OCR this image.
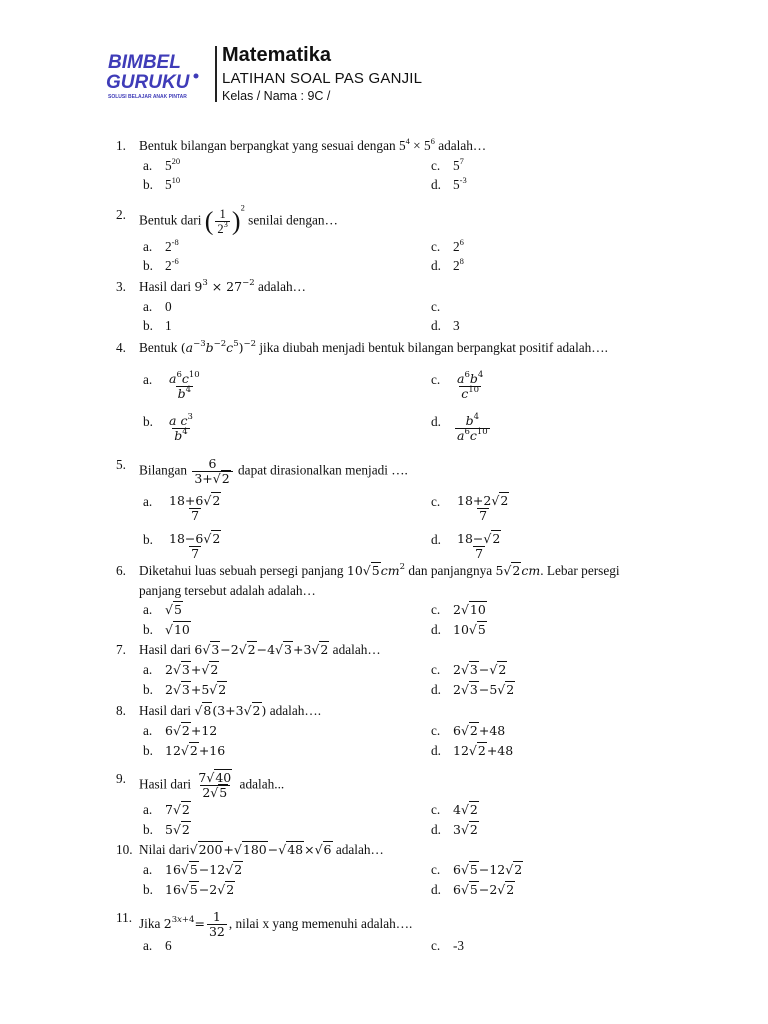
BIMBEL
GURUKU
SOLUSI BELAJAR ANAK PINTAR
Matematika
LATIHAN SOAL PAS GANJIL
Kelas / Nama : 9C /
1. Bentuk bilangan berpangkat yang sesuai dengan $5^4 \times 5^6$ adalah…
a. $5^{20}$	c. $5^7$
b. $5^{10}$	d. $5^{-3}$
2. Bentuk dari ( $\frac{1}{2^3} )^2$ senilai dengan…
a. $2^{-8}$	c. $2^6$
b. $2^{-6}$	d. $2^8$
3. Hasil dari $9^3 \times 27^{-2}$ adalah…
a. 0	c.
b. 1	d. 3
4. Bentuk $(a^{-3}b^{-2}c^5)^{-2}$ jika diubah menjadi bentuk bilangan berpangkat positif adalah….
a. $\frac{a^6c^{10}}{b^4}$	c. $\frac{a^6b^4}{c^{10}}$
b. $\frac{a c^3}{b^4}$	d. $\frac{b^4}{a^6c^{10}}$
5. Bilangan $\frac{6}{3+√2}$ dapat dirasionalkan menjadi ….
a. $\frac{18+6√2}{7}$	c. $\frac{18+2√2}{7}$
b. $\frac{18-6√2}{7}$	d. $\frac{18-√2}{7}$
6. Diketahui luas sebuah persegi panjang $10√5cm^2$ dan panjangnya 5√2cm. Lebar persegi
panjang tersebut adalah adalah…
a. √5	c. 2√10
b. √10	d. 10√5
7. Hasil dari 6√3−2√2−4√3+3√2 adalah…
a. 2√3+√2	c. 2√3−√2
b. 2√3+5√2	d. 2√3−5√2
8. Hasil dari √8(3+3√2) adalah….
a. 6√2+12	c. 6√2+48
b. 12√2+16	d. 12√2+48
9. Hasil dari $\frac{7√40}{2√5}$ adalah...
a. 7√2	c. 4√2
b. 5√2	d. 3√2
10. Nilai dari√200+√180−√48×√6 adalah…
a. 16√5−12√2	c. 6√5−12√2
b. 16√5−2√2	d. 6√5−2√2
11. Jika $2^{3x+4}= \frac{1}{32}$ , nilai x yang memenuhi adalah….
a. 6	c. -3
